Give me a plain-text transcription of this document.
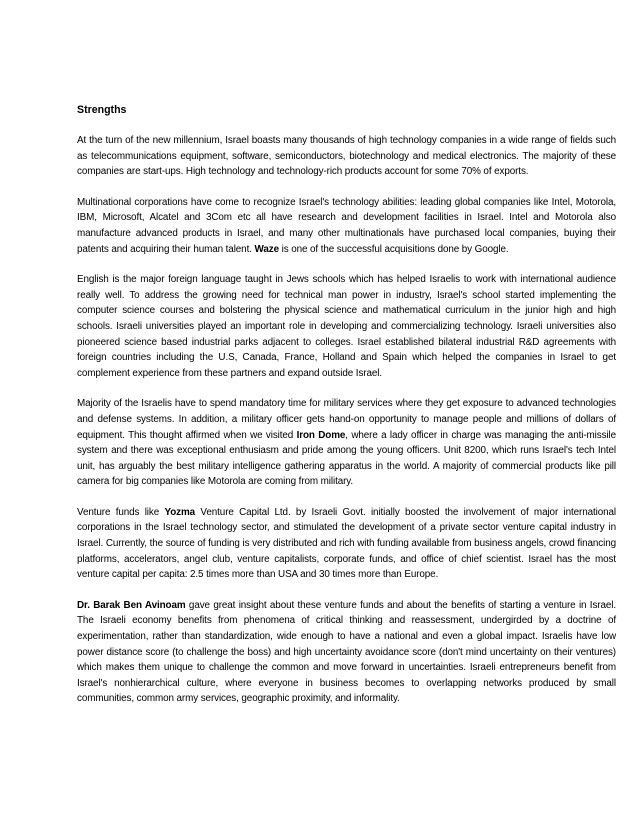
Strengths

At the turn of the new millennium, Israel boasts many thousands of high technology companies in a wide range of fields such as telecommunications equipment, software, semiconductors, biotechnology and medical electronics. The majority of these companies are start-ups. High technology and technology-rich products account for some 70% of exports.

Multinational corporations have come to recognize Israel's technology abilities: leading global companies like Intel, Motorola, IBM, Microsoft, Alcatel and 3Com etc all have research and development facilities in Israel. Intel and Motorola also manufacture advanced products in Israel, and many other multinationals have purchased local companies, buying their patents and acquiring their human talent. Waze is one of the successful acquisitions done by Google.

English is the major foreign language taught in Jews schools which has helped Israelis to work with international audience really well. To address the growing need for technical man power in industry, Israel's school started implementing the computer science courses and bolstering the physical science and mathematical curriculum in the junior high and high schools. Israeli universities played an important role in developing and commercializing technology. Israeli universities also pioneered science based industrial parks adjacent to colleges. Israel established bilateral industrial R&D agreements with foreign countries including the U.S, Canada, France, Holland and Spain which helped the companies in Israel to get complement experience from these partners and expand outside Israel.

Majority of the Israelis have to spend mandatory time for military services where they get exposure to advanced technologies and defense systems. In addition, a military officer gets hand-on opportunity to manage people and millions of dollars of equipment. This thought affirmed when we visited Iron Dome, where a lady officer in charge was managing the anti-missile system and there was exceptional enthusiasm and pride among the young officers. Unit 8200, which runs Israel's tech Intel unit, has arguably the best military intelligence gathering apparatus in the world. A majority of commercial products like pill camera for big companies like Motorola are coming from military.

Venture funds like Yozma Venture Capital Ltd. by Israeli Govt. initially boosted the involvement of major international corporations in the Israel technology sector, and stimulated the development of a private sector venture capital industry in Israel. Currently, the source of funding is very distributed and rich with funding available from business angels, crowd financing platforms, accelerators, angel club, venture capitalists, corporate funds, and office of chief scientist. Israel has the most venture capital per capita: 2.5 times more than USA and 30 times more than Europe.

Dr. Barak Ben Avinoam gave great insight about these venture funds and about the benefits of starting a venture in Israel. The Israeli economy benefits from phenomena of critical thinking and reassessment, undergirded by a doctrine of experimentation, rather than standardization, wide enough to have a national and even a global impact. Israelis have low power distance score (to challenge the boss) and high uncertainty avoidance score (don't mind uncertainty on their ventures) which makes them unique to challenge the common and move forward in uncertainties. Israeli entrepreneurs benefit from Israel's nonhierarchical culture, where everyone in business becomes to overlapping networks produced by small communities, common army services, geographic proximity, and informality.
